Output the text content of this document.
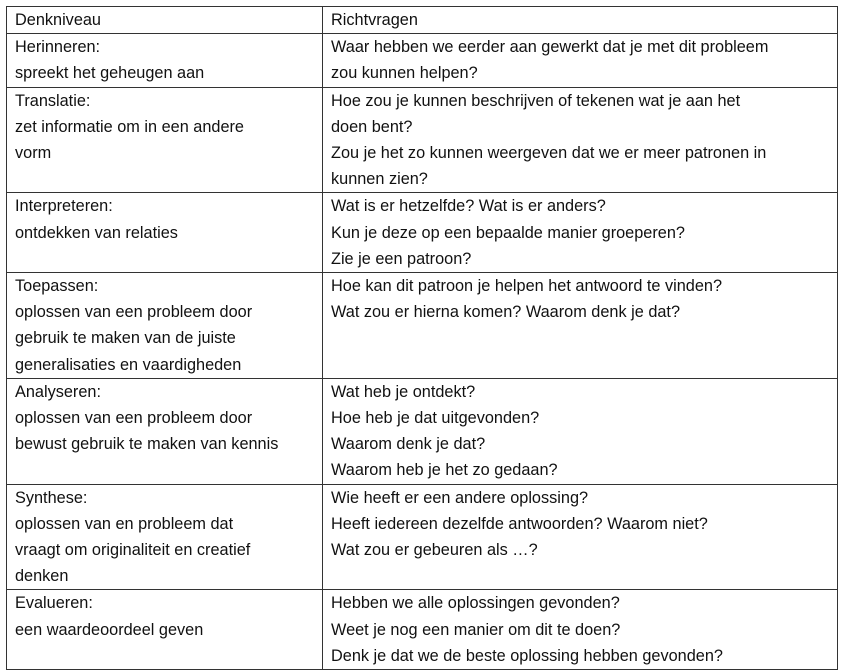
Denkniveau	Richtvragen

Herinneren:
spreekt het geheugen aan	Waar hebben we eerder aan gewerkt dat je met dit probleem
zou kunnen helpen?

Translatie:
zet informatie om in een andere
vorm	Hoe zou je kunnen beschrijven of tekenen wat je aan het
doen bent?
Zou je het zo kunnen weergeven dat we er meer patronen in
kunnen zien?

Interpreteren:
ontdekken van relaties	Wat is er hetzelfde? Wat is er anders?
Kun je deze op een bepaalde manier groeperen?
Zie je een patroon?

Toepassen:
oplossen van een probleem door
gebruik te maken van de juiste
generalisaties en vaardigheden	Hoe kan dit patroon je helpen het antwoord te vinden?
Wat zou er hierna komen? Waarom denk je dat?

Analyseren:
oplossen van een probleem door
bewust gebruik te maken van kennis	Wat heb je ontdekt?
Hoe heb je dat uitgevonden?
Waarom denk je dat?
Waarom heb je het zo gedaan?

Synthese:
oplossen van en probleem dat
vraagt om originaliteit en creatief
denken	Wie heeft er een andere oplossing?
Heeft iedereen dezelfde antwoorden? Waarom niet?
Wat zou er gebeuren als …?

Evalueren:
een waardeoordeel geven	Hebben we alle oplossingen gevonden?
Weet je nog een manier om dit te doen?
Denk je dat we de beste oplossing hebben gevonden?
